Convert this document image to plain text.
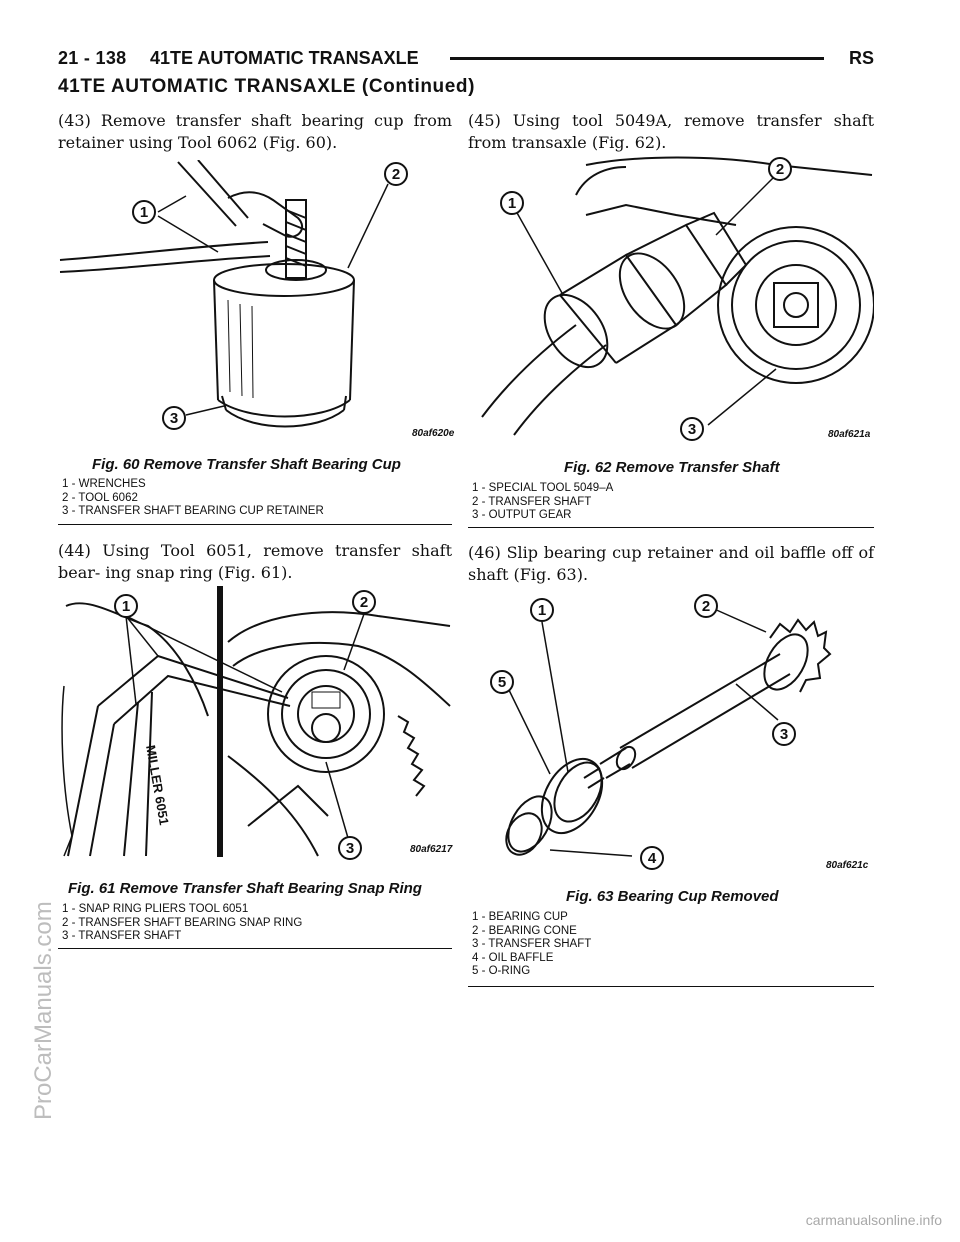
21 - 138 41TE AUTOMATIC TRANSAXLE	RS
41TE AUTOMATIC TRANSAXLE (Continued)

(43) Remove transfer shaft bearing cup from retainer using Tool 6062 (Fig. 60).

1
2
3
80af620e
Fig. 60 Remove Transfer Shaft Bearing Cup
1 - WRENCHES
2 - TOOL 6062
3 - TRANSFER SHAFT BEARING CUP RETAINER

(44) Using Tool 6051, remove transfer shaft bear- ing snap ring (Fig. 61).

MILLER 6051
1	2
3	80af6217
Fig. 61 Remove Transfer Shaft Bearing Snap Ring
1 - SNAP RING PLIERS TOOL 6051
2 - TRANSFER SHAFT BEARING SNAP RING
3 - TRANSFER SHAFT

(45) Using tool 5049A, remove transfer shaft from transaxle (Fig. 62).

1
2
3	80af621a
Fig. 62 Remove Transfer Shaft
1 - SPECIAL TOOL 5049–A
2 - TRANSFER SHAFT
3 - OUTPUT GEAR

(46) Slip bearing cup retainer and oil baffle off of shaft (Fig. 63).

1	2
3
4
5
80af621c
Fig. 63 Bearing Cup Removed
1 - BEARING CUP
2 - BEARING CONE
3 - TRANSFER SHAFT
4 - OIL BAFFLE
5 - O-RING
ProCarManuals.com
carmanualsonline.info
